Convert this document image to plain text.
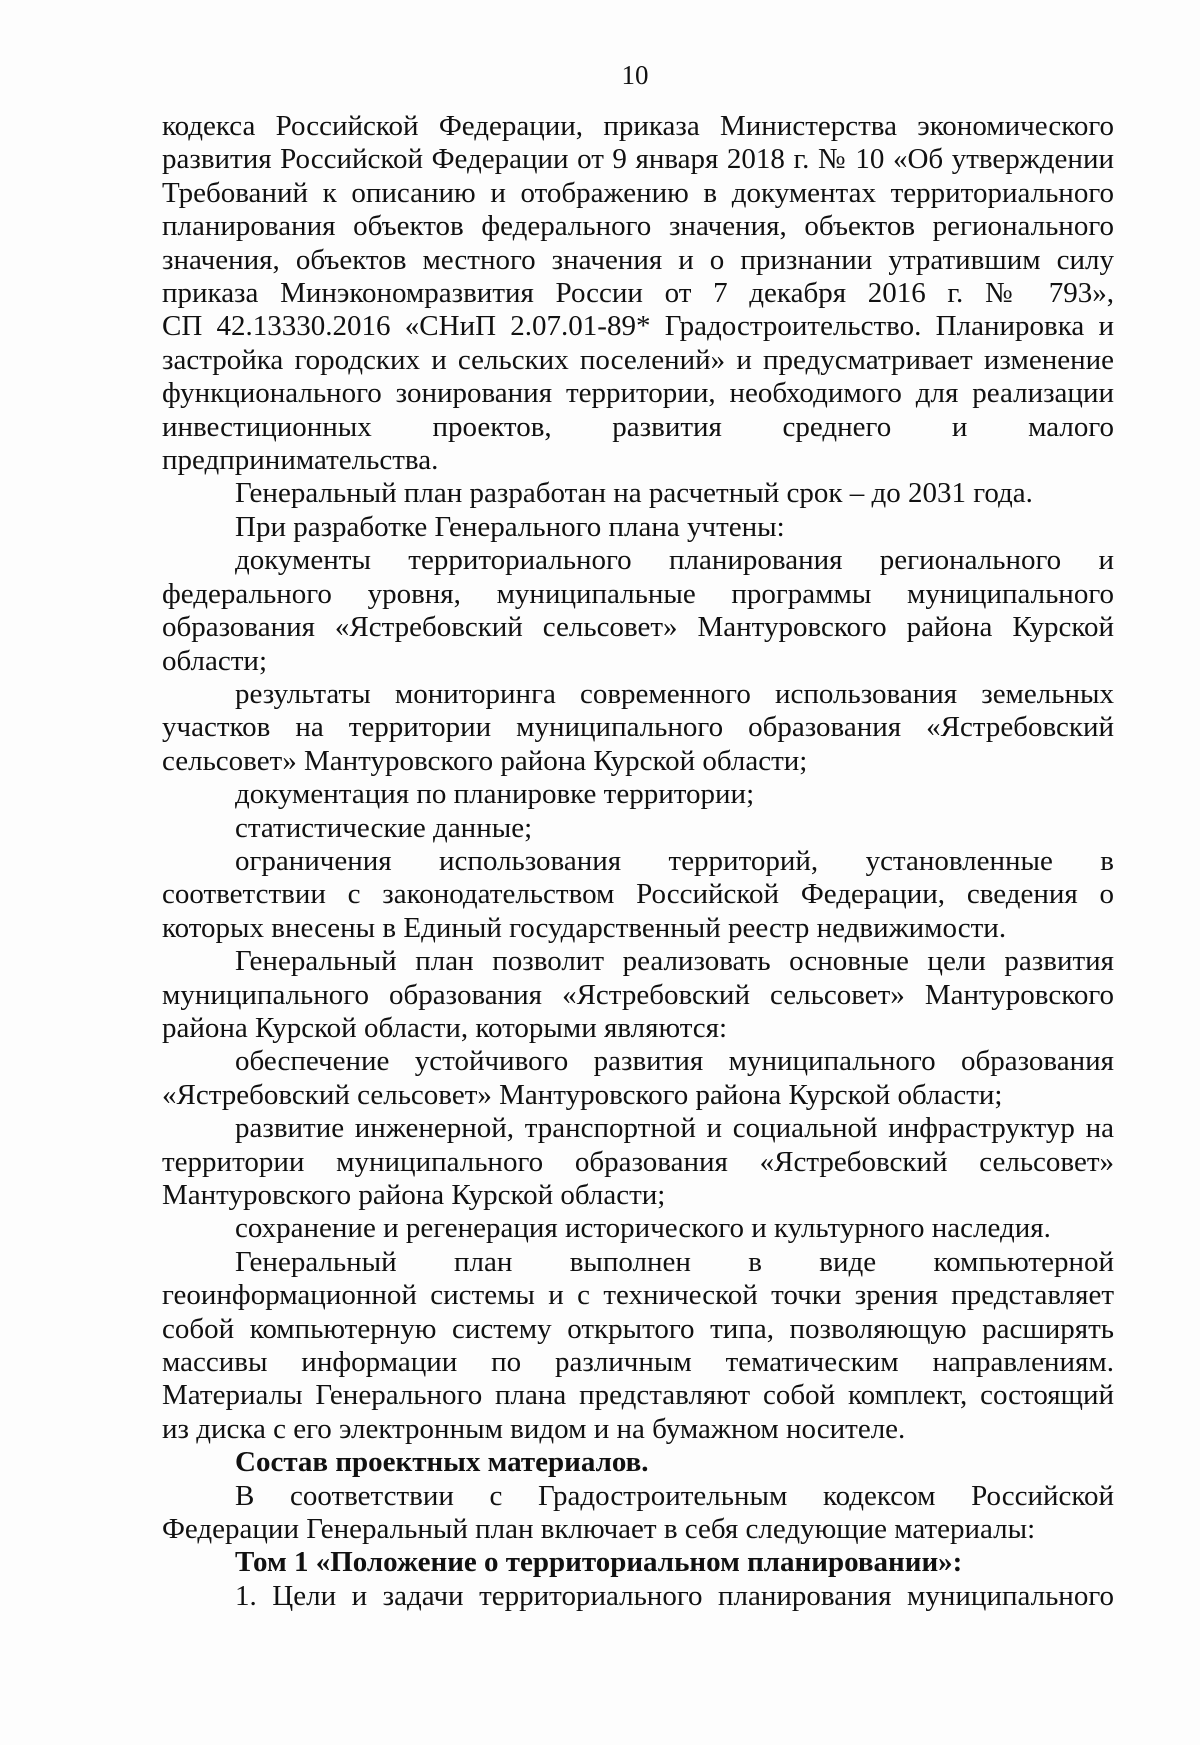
10

кодекса Российской Федерации, приказа Министерства экономического

развития Российской Федерации от 9 января 2018 г. № 10 «Об утверждении

Требований к описанию и отображению в документах территориального

планирования объектов федерального значения, объектов регионального

значения, объектов местного значения и о признании утратившим силу

приказа Минэкономразвития России от 7 декабря 2016 г. № 793»,

СП 42.13330.2016 «СНиП 2.07.01-89* Градостроительство. Планировка и

застройка городских и сельских поселений» и предусматривает изменение

функционального зонирования территории, необходимого для реализации

инвестиционных проектов, развития среднего и малого

предпринимательства.

Генеральный план разработан на расчетный срок – до 2031 года.

При разработке Генерального плана учтены:

документы территориального планирования регионального и

федерального уровня, муниципальные программы муниципального

образования «Ястребовский сельсовет» Мантуровского района Курской

области;

результаты мониторинга современного использования земельных

участков на территории муниципального образования «Ястребовский

сельсовет» Мантуровского района Курской области;

документация по планировке территории;

статистические данные;

ограничения использования территорий, установленные в

соответствии с законодательством Российской Федерации, сведения о

которых внесены в Единый государственный реестр недвижимости.

Генеральный план позволит реализовать основные цели развития

муниципального образования «Ястребовский сельсовет» Мантуровского

района Курской области, которыми являются:

обеспечение устойчивого развития муниципального образования

«Ястребовский сельсовет» Мантуровского района Курской области;

развитие инженерной, транспортной и социальной инфраструктур на

территории муниципального образования «Ястребовский сельсовет»

Мантуровского района Курской области;

сохранение и регенерация исторического и культурного наследия.

Генеральный план выполнен в виде компьютерной

геоинформационной системы и с технической точки зрения представляет

собой компьютерную систему открытого типа, позволяющую расширять

массивы информации по различным тематическим направлениям.

Материалы Генерального плана представляют собой комплект, состоящий

из диска с его электронным видом и на бумажном носителе.

Состав проектных материалов.

В соответствии с Градостроительным кодексом Российской

Федерации Генеральный план включает в себя следующие материалы:

Том 1 «Положение о территориальном планировании»:

1. Цели и задачи территориального планирования муниципального
